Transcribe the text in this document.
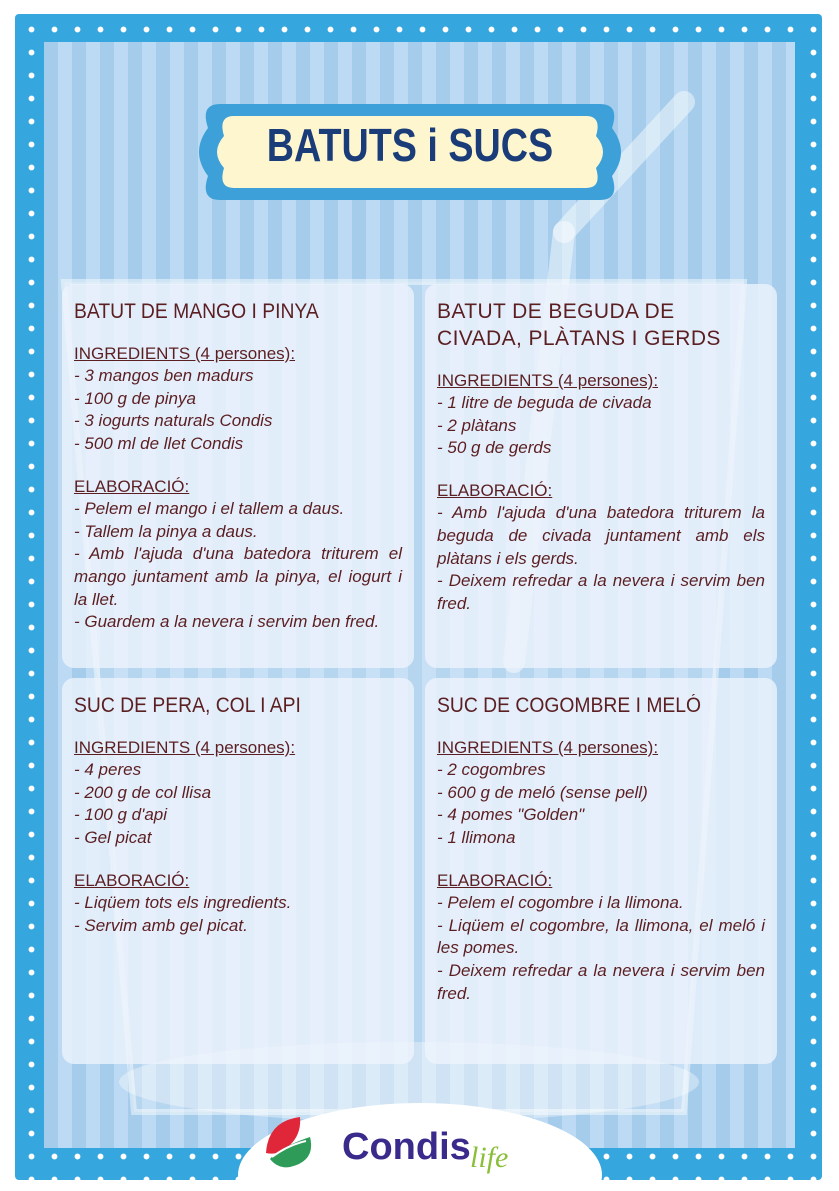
BATUTS i SUCS
BATUT DE MANGO I PINYA
INGREDIENTS (4 persones):
- 3 mangos ben madurs
- 100 g de pinya
- 3 iogurts naturals Condis
- 500 ml de llet Condis
ELABORACIÓ:
- Pelem el mango i el tallem a daus.
- Tallem la pinya a daus.
- Amb l'ajuda d'una batedora triturem el mango juntament amb la pinya, el iogurt i la llet.
- Guardem a la nevera i servim ben fred.
BATUT DE BEGUDA DE CIVADA, PLÀTANS I GERDS
INGREDIENTS (4 persones):
- 1 litre de beguda de civada
- 2 plàtans
- 50 g de gerds
ELABORACIÓ:
- Amb l'ajuda d'una batedora triturem la beguda de civada juntament amb els plàtans i els gerds.
- Deixem refredar a la nevera i servim ben fred.
SUC DE PERA, COL I API
INGREDIENTS (4 persones):
- 4 peres
- 200 g de col llisa
- 100 g d'api
- Gel picat
ELABORACIÓ:
- Liqüem tots els ingredients.
- Servim amb gel picat.
SUC DE COGOMBRE I MELÓ
INGREDIENTS (4 persones):
- 2 cogombres
- 600 g de meló (sense pell)
- 4 pomes "Golden"
- 1 llimona
ELABORACIÓ:
- Pelem el cogombre i la llimona.
- Liqüem el cogombre, la llimona, el meló i les pomes.
- Deixem refredar a la nevera i servim ben fred.
Condis life
